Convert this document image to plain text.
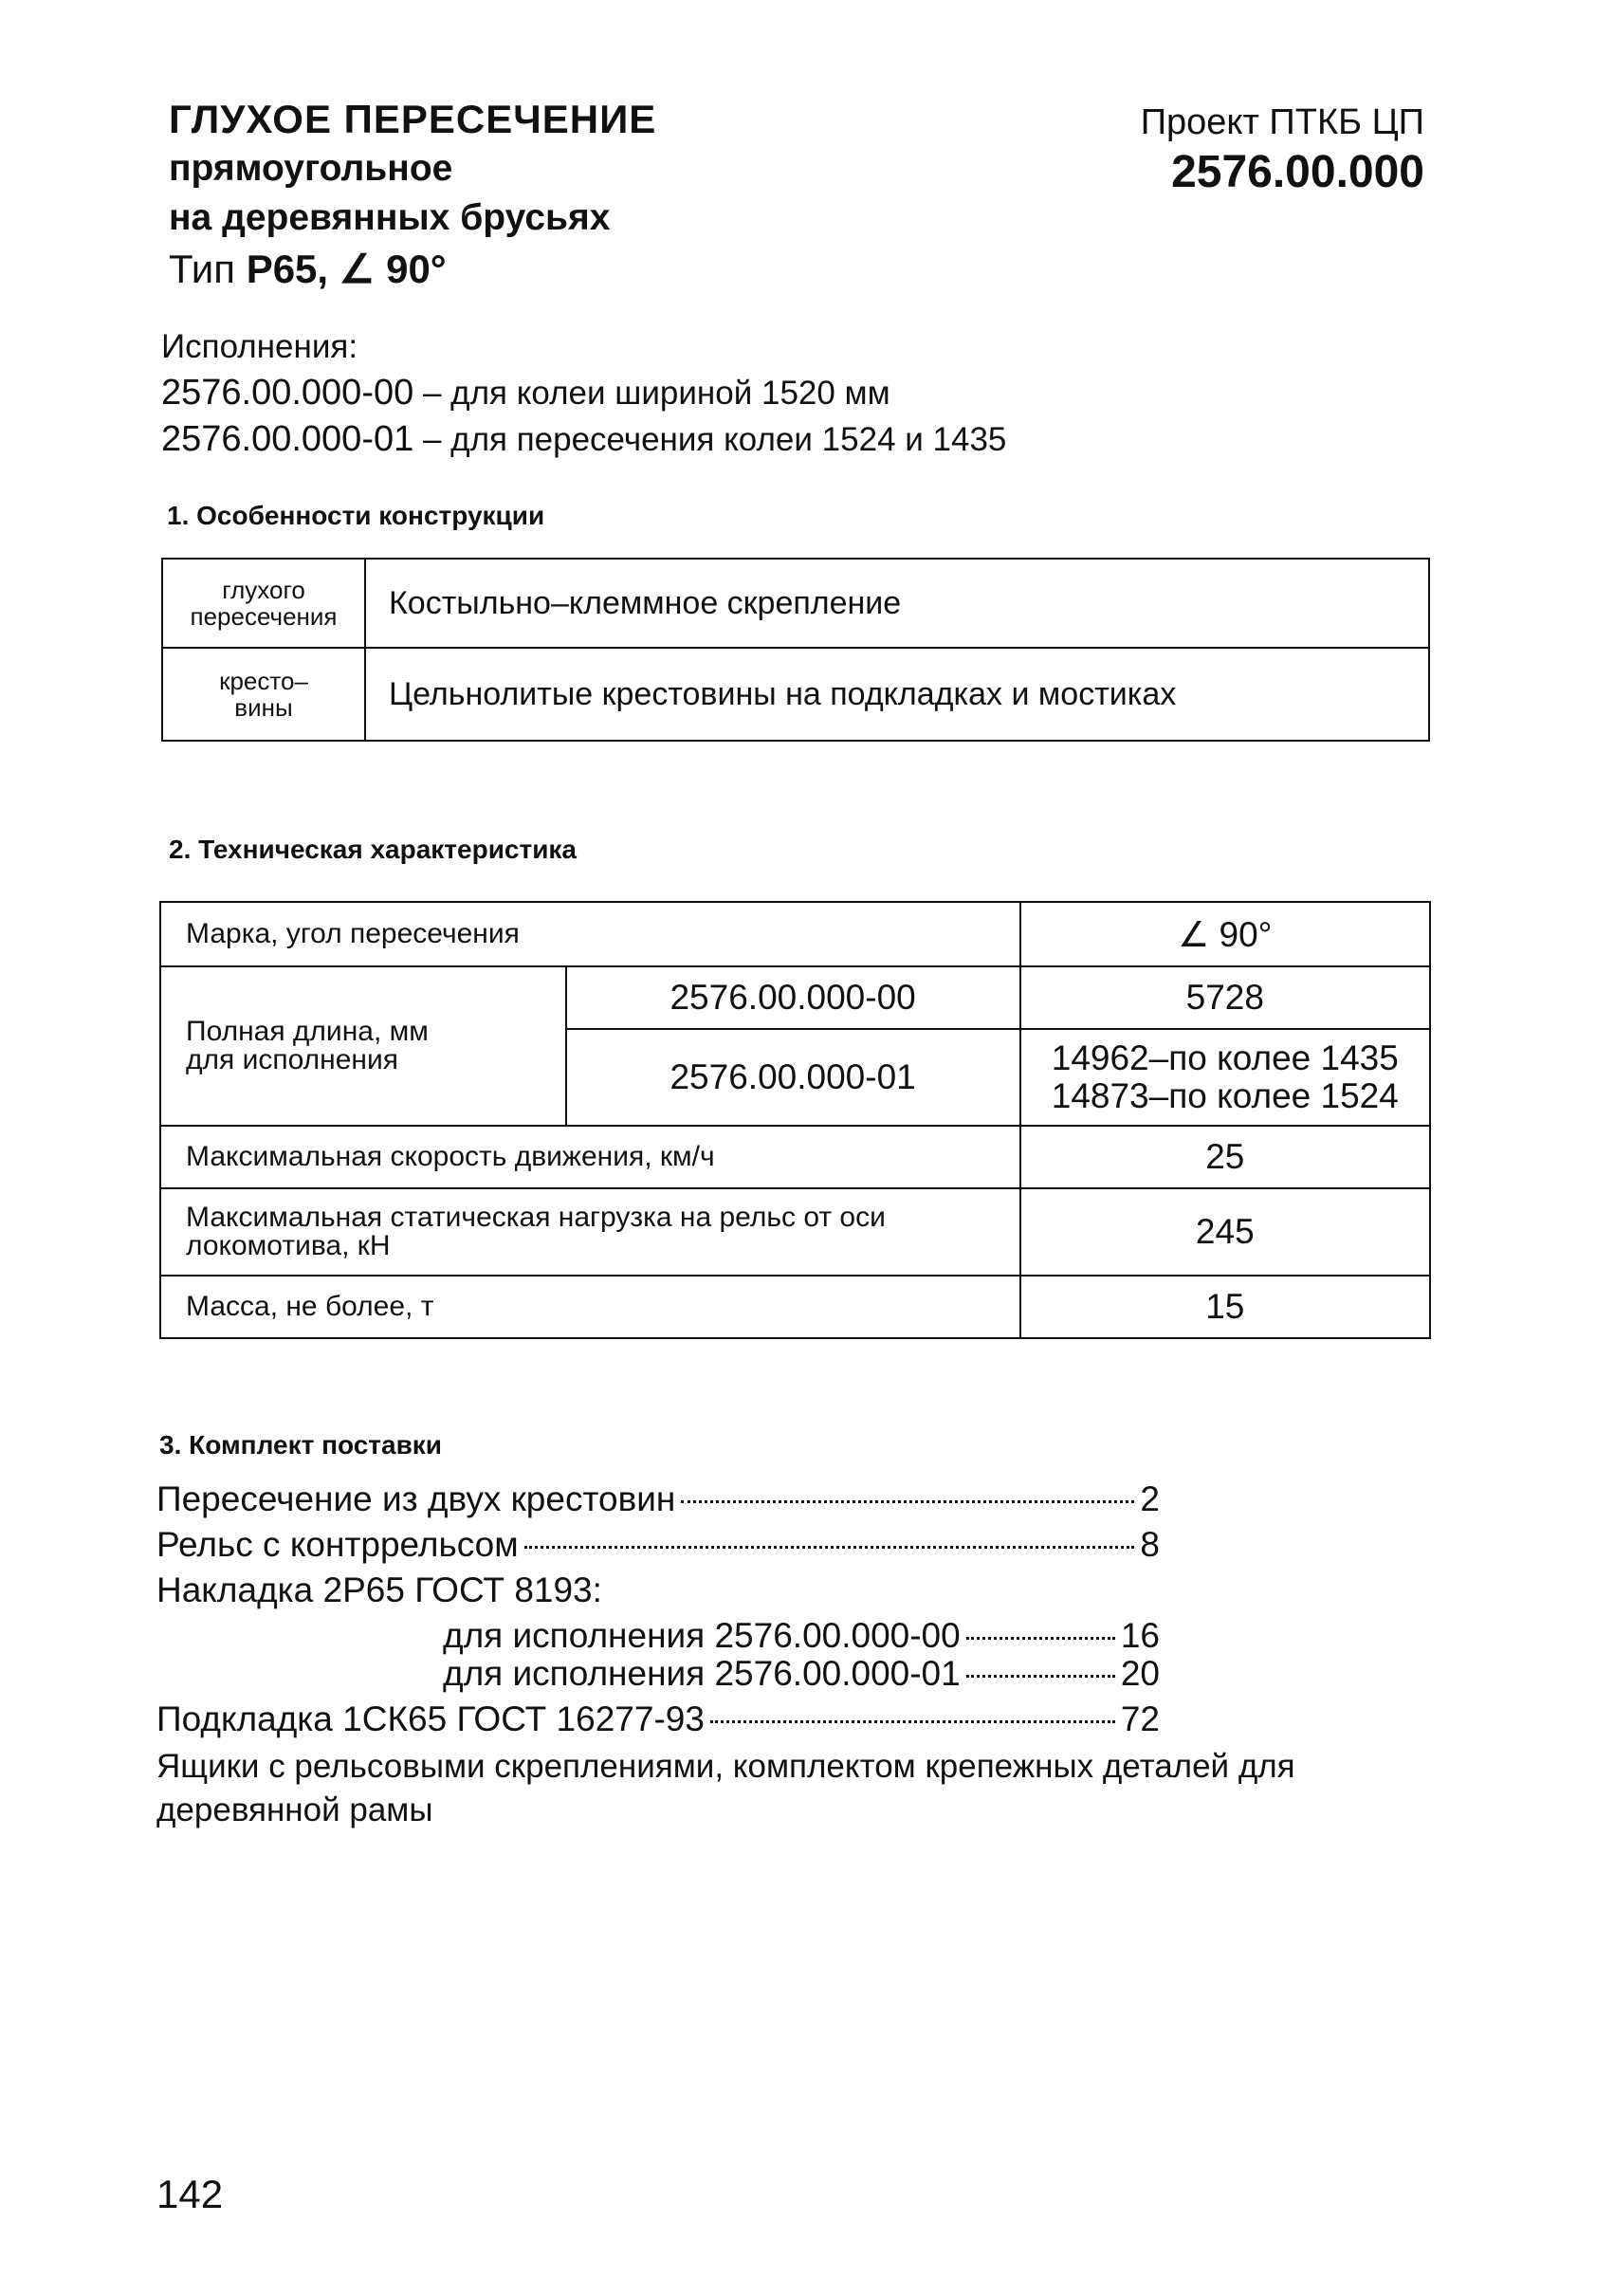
ГЛУХОЕ ПЕРЕСЕЧЕНИЕ
прямоугольное
на деревянных брусьях
Тип Р65, ∠ 90°
Проект ПТКБ ЦП
2576.00.000
Исполнения:
2576.00.000-00 – для колеи шириной 1520 мм
2576.00.000-01 – для пересечения колеи 1524 и 1435
1. Особенности конструкции
глухого
пересечения	Костыльно–клеммное скрепление

кресто–
вины	Цельнолитые крестовины на подкладках и мостиках
2. Техническая характеристика
Марка, угол пересечения		∠ 90°

Полная длина, мм
для исполнения	2576.00.000-00	5728
	2576.00.000-01	14962–по колее 1435
14873–по колее 1524

Максимальная скорость движения, км/ч		25

Максимальная статическая нагрузка на рельс от оси
локомотива, кН		245
Масса, не более, т		15
3. Комплект поставки
Пересечение из двух крестовин	2
Рельс с контррельсом	8
Накладка 2Р65 ГОСТ 8193:
для исполнения 2576.00.000-00	16
для исполнения 2576.00.000-01	20
Подкладка 1СК65 ГОСТ 16277-93	72
Ящики с рельсовыми скреплениями, комплектом крепежных деталей для
деревянной рамы
142
